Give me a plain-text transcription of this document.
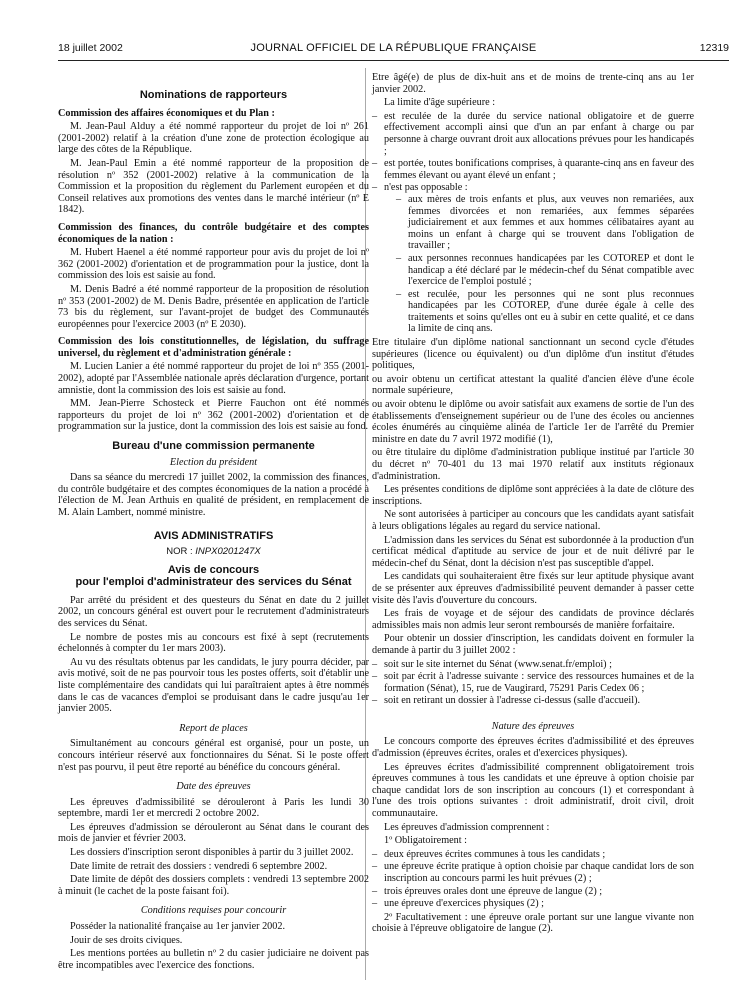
18 juillet 2002	JOURNAL OFFICIEL DE LA RÉPUBLIQUE FRANÇAISE	12319
Nominations de rapporteurs
Commission des affaires économiques et du Plan :

M. Jean-Paul Alduy a été nommé rapporteur du projet de loi nº 261 (2001-2002) relatif à la création d'une zone de protection écologique au large des côtes de la République.

M. Jean-Paul Emin a été nommé rapporteur de la proposition de résolution nº 352 (2001-2002) relative à la communication de la Commission et la proposition du règlement du Parlement européen et du Conseil relatives aux promotions des ventes dans le marché intérieur (nº E 1842).

Commission des finances, du contrôle budgétaire et des comptes économiques de la nation :

M. Hubert Haenel a été nommé rapporteur pour avis du projet de loi nº 362 (2001-2002) d'orientation et de programmation pour la justice, dont la commission des lois est saisie au fond.

M. Denis Badré a été nommé rapporteur de la proposition de résolution nº 353 (2001-2002) de M. Denis Badre, présentée en application de l'article 73 bis du règlement, sur l'avant-projet de budget des Communautés européennes pour l'exercice 2003 (nº E 2030).

Commission des lois constitutionnelles, de législation, du suffrage universel, du règlement et d'administration générale :

M. Lucien Lanier a été nommé rapporteur du projet de loi nº 355 (2001-2002), adopté par l'Assemblée nationale après déclaration d'urgence, portant amnistie, dont la commission des lois est saisie au fond.

MM. Jean-Pierre Schosteck et Pierre Fauchon ont été nommés rapporteurs du projet de loi nº 362 (2001-2002) d'orientation et de programmation sur la justice, dont la commission des lois est saisie au fond.

Bureau d'une commission permanente
Election du président

Dans sa séance du mercredi 17 juillet 2002, la commission des finances, du contrôle budgétaire et des comptes économiques de la nation a procédé à l'élection de M. Jean Arthuis en qualité de président, en remplacement de M. Alain Lambert, nommé ministre.

AVIS ADMINISTRATIFS
NOR : INPX0201247X
Avis de concours
pour l'emploi d'administrateur des services du Sénat

Par arrêté du président et des questeurs du Sénat en date du 2 juillet 2002, un concours général est ouvert pour le recrutement d'administrateurs des services du Sénat.

Le nombre de postes mis au concours est fixé à sept (recrutements échelonnés à compter du 1er mars 2003).

Au vu des résultats obtenus par les candidats, le jury pourra décider, par avis motivé, soit de ne pas pourvoir tous les postes offerts, soit d'établir une liste complémentaire des candidats qui lui paraîtraient aptes à être nommés dans le cas de vacances d'emploi se produisant dans le cadre jusqu'au 1er janvier 2005.

Report de places

Simultanément au concours général est organisé, pour un poste, un concours intérieur réservé aux fonctionnaires du Sénat. Si le poste offert n'est pas pourvu, il peut être reporté au bénéfice du concours général.

Date des épreuves

Les épreuves d'admissibilité se dérouleront à Paris les lundi 30 septembre, mardi 1er et mercredi 2 octobre 2002.

Les épreuves d'admission se dérouleront au Sénat dans le courant des mois de janvier et février 2003.

Les dossiers d'inscription seront disponibles à partir du 3 juillet 2002.

Date limite de retrait des dossiers : vendredi 6 septembre 2002.

Date limite de dépôt des dossiers complets : vendredi 13 septembre 2002 à minuit (le cachet de la poste faisant foi).

Conditions requises pour concourir

Posséder la nationalité française au 1er janvier 2002.

Jouir de ses droits civiques.

Les mentions portées au bulletin nº 2 du casier judiciaire ne doivent pas être incompatibles avec l'exercice des fonctions.

Etre âgé(e) de plus de dix-huit ans et de moins de trente-cinq ans au 1er janvier 2002.

La limite d'âge supérieure :

– est reculée de la durée du service national obligatoire et de guerre effectivement accompli ainsi que d'un an par enfant à charge ou par personne à charge ouvrant droit aux allocations prévues pour les handicapés ;
– est portée, toutes bonifications comprises, à quarante-cinq ans en faveur des femmes élevant ou ayant élevé un enfant ;
– n'est pas opposable :
– aux mères de trois enfants et plus, aux veuves non remariées, aux femmes divorcées et non remariées, aux femmes séparées judiciairement et aux femmes et aux hommes célibataires ayant au moins un enfant à charge qui se trouvent dans l'obligation de travailler ;
– aux personnes reconnues handicapées par les COTOREP et dont le handicap a été déclaré par le médecin-chef du Sénat compatible avec l'exercice de l'emploi postulé ;
– est reculée, pour les personnes qui ne sont plus reconnues handicapées par les COTOREP, d'une durée égale à celle des traitements et soins qu'elles ont eu à subir en cette qualité, et ce dans la limite de cinq ans.

Etre titulaire d'un diplôme national sanctionnant un second cycle d'études supérieures (licence ou équivalent) ou d'un diplôme d'un institut d'études politiques,

ou avoir obtenu un certificat attestant la qualité d'ancien élève d'une école normale supérieure,

ou avoir obtenu le diplôme ou avoir satisfait aux examens de sortie de l'un des établissements d'enseignement supérieur ou de l'une des écoles ou anciennes écoles énumérés au cinquième alinéa de l'article 1er de l'arrêté du Premier ministre en date du 7 avril 1972 modifié (1),

ou être titulaire du diplôme d'administration publique institué par l'article 30 du décret nº 70-401 du 13 mai 1970 relatif aux instituts régionaux d'administration.

Les présentes conditions de diplôme sont appréciées à la date de clôture des inscriptions.

Ne sont autorisées à participer au concours que les candidats ayant satisfait à leurs obligations légales au regard du service national.

L'admission dans les services du Sénat est subordonnée à la production d'un certificat médical d'aptitude au service de jour et de nuit délivré par le médecin-chef du Sénat, dont la décision n'est pas susceptible d'appel.

Les candidats qui souhaiteraient être fixés sur leur aptitude physique avant de se présenter aux épreuves d'admissibilité peuvent demander à passer cette visite dès l'avis d'ouverture du concours.

Les frais de voyage et de séjour des candidats de province déclarés admissibles mais non admis leur seront remboursés de manière forfaitaire.

Pour obtenir un dossier d'inscription, les candidats doivent en formuler la demande à partir du 3 juillet 2002 :

– soit sur le site internet du Sénat (www.senat.fr/emploi) ;
– soit par écrit à l'adresse suivante : service des ressources humaines et de la formation (Sénat), 15, rue de Vaugirard, 75291 Paris Cedex 06 ;
– soit en retirant un dossier à l'adresse ci-dessus (salle d'accueil).
Nature des épreuves

Le concours comporte des épreuves écrites d'admissibilité et des épreuves d'admission (épreuves écrites, orales et d'exercices physiques).

Les épreuves écrites d'admissibilité comprennent obligatoirement trois épreuves communes à tous les candidats et une épreuve à option choisie par chaque candidat lors de son inscription au concours (1) et correspondant à l'une des trois options suivantes : droit administratif, droit civil, droit communautaire.

Les épreuves d'admission comprennent :

1º Obligatoirement :

– deux épreuves écrites communes à tous les candidats ;
– une épreuve écrite pratique à option choisie par chaque candidat lors de son inscription au concours parmi les huit prévues (2) ;
– trois épreuves orales dont une épreuve de langue (2) ;
– une épreuve d'exercices physiques (2) ;

2º Facultativement : une épreuve orale portant sur une langue vivante non choisie à l'épreuve obligatoire de langue (2).
